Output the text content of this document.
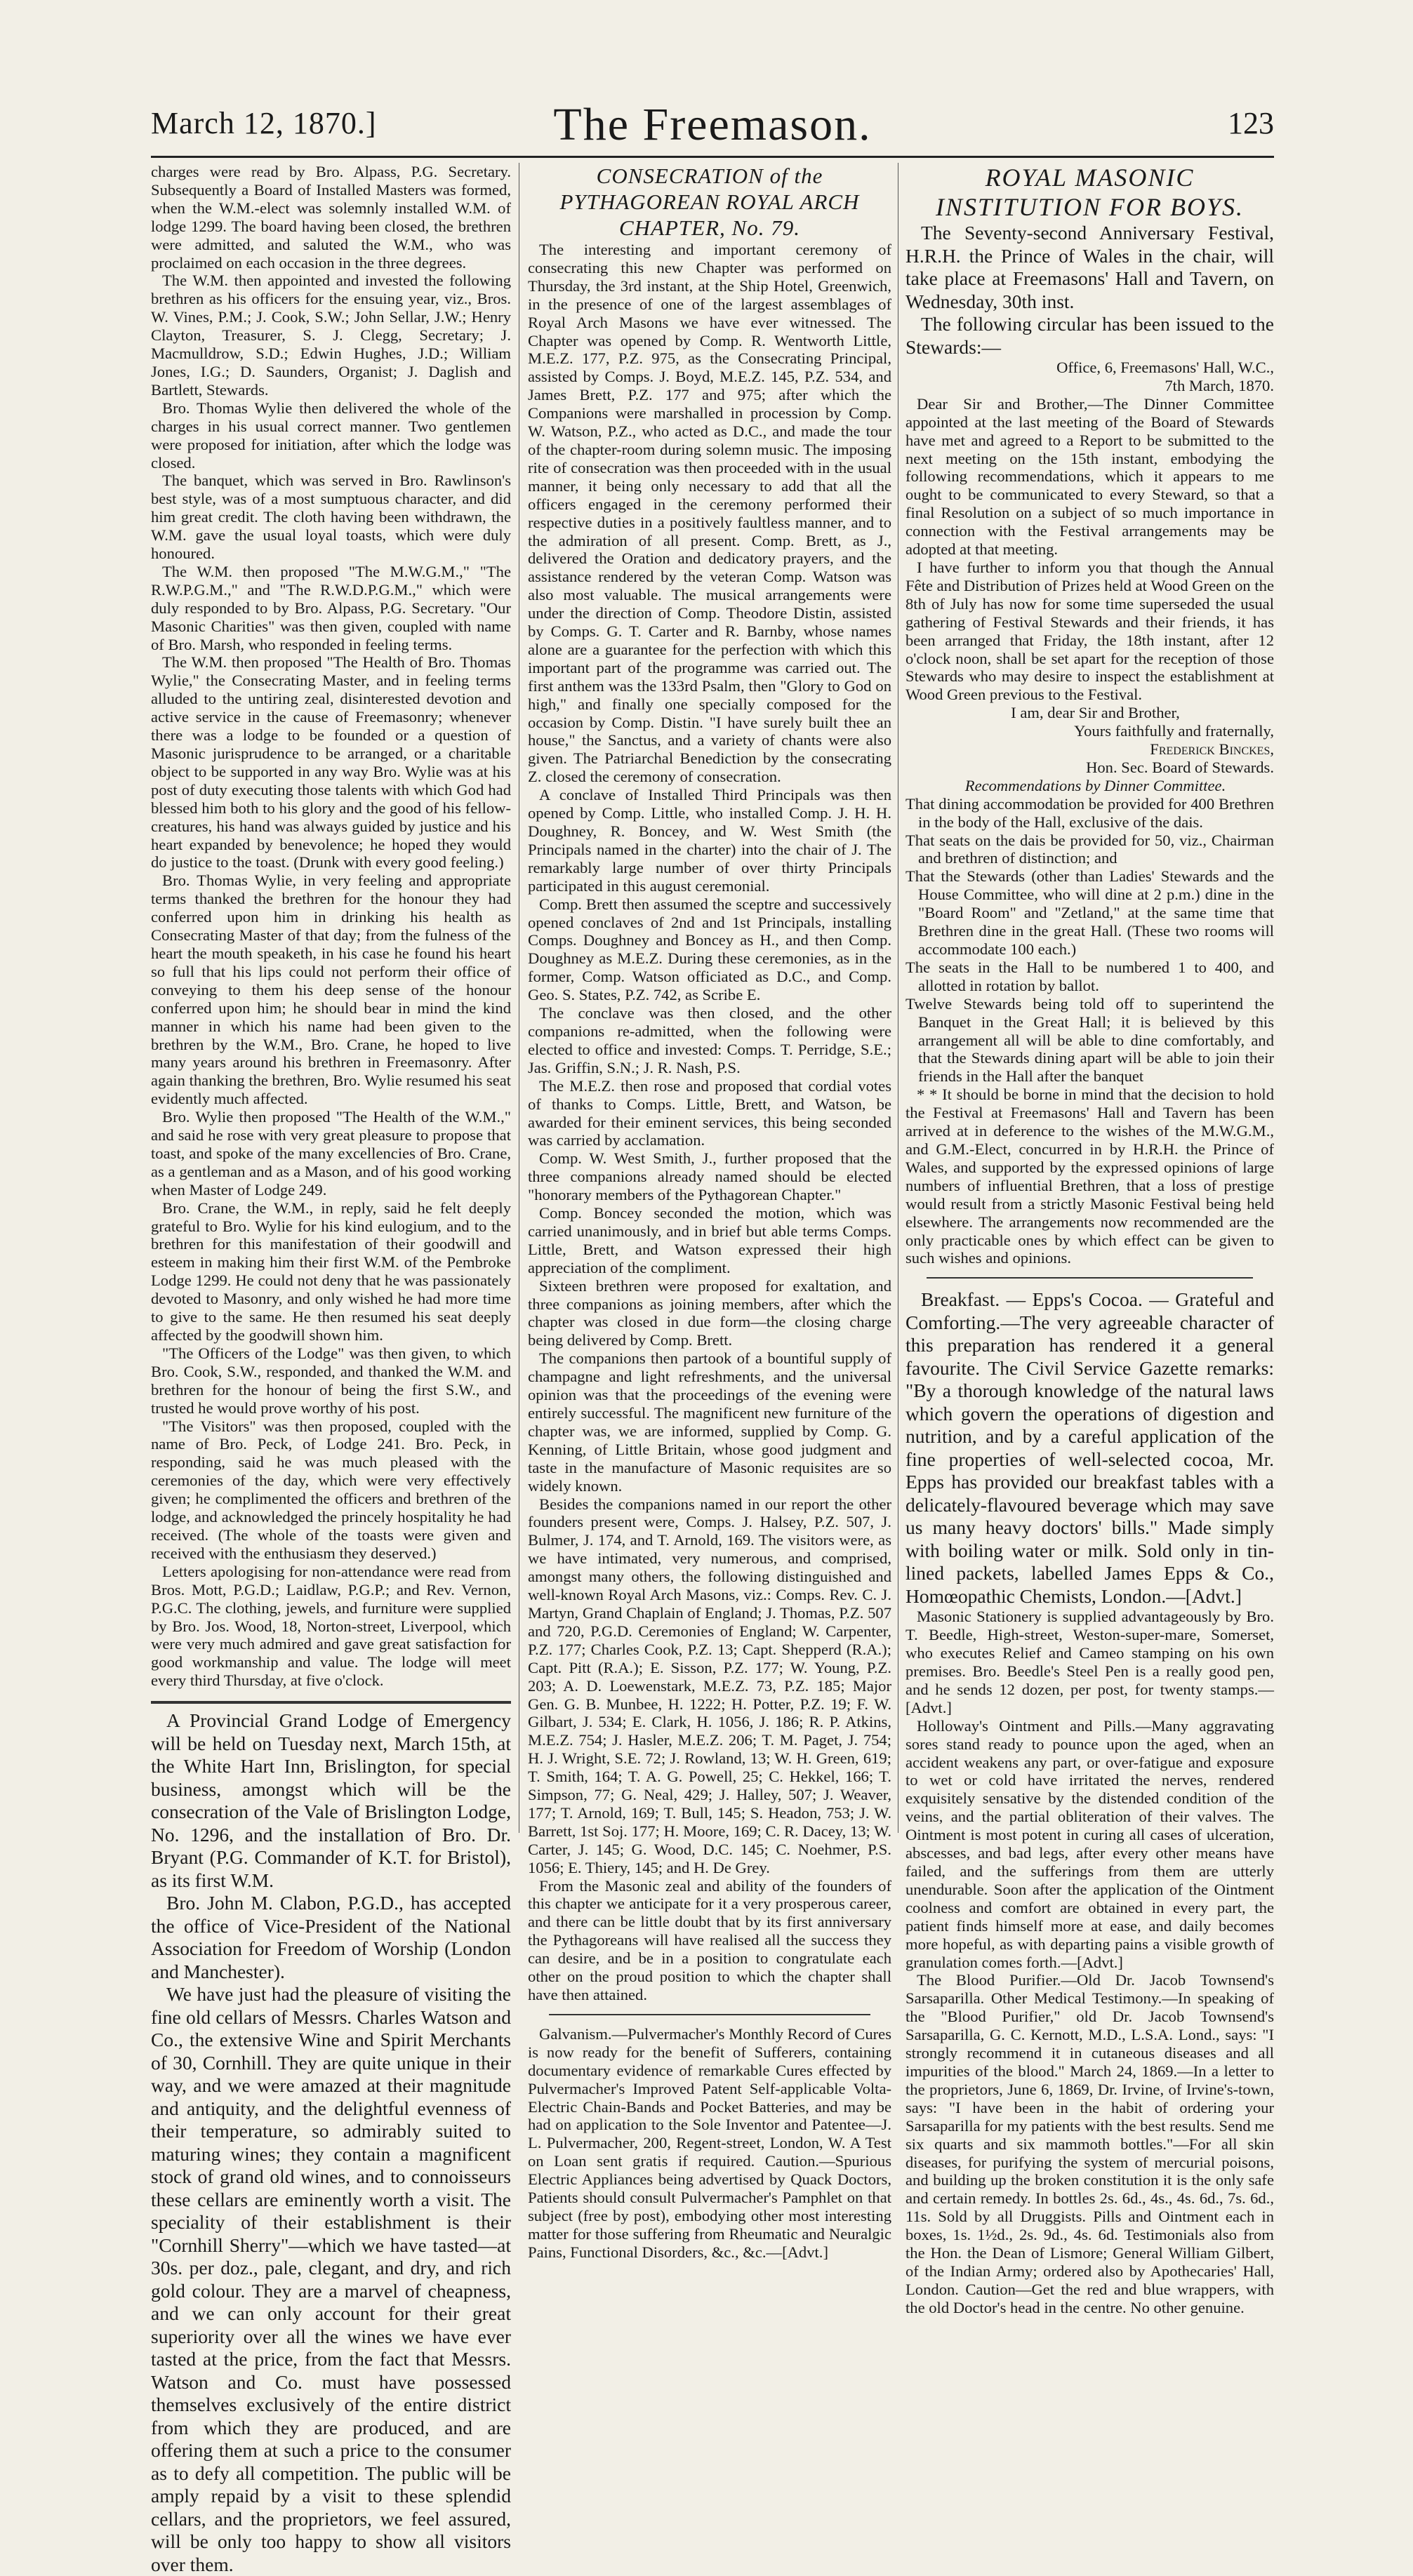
March 12, 1870.]	The Freemason.	123

charges were read by Bro. Alpass, P.G. Secretary. Subsequently a Board of Installed Masters was formed, when the W.M.-elect was solemnly installed W.M. of lodge 1299. The board having been closed, the brethren were admitted, and saluted the W.M., who was proclaimed on each occasion in the three degrees.

The W.M. then appointed and invested the following brethren as his officers for the ensuing year, viz., Bros. W. Vines, P.M.; J. Cook, S.W.; John Sellar, J.W.; Henry Clayton, Treasurer, S. J. Clegg, Secretary; J. Macmulldrow, S.D.; Edwin Hughes, J.D.; William Jones, I.G.; D. Saunders, Organist; J. Daglish and Bartlett, Stewards.

Bro. Thomas Wylie then delivered the whole of the charges in his usual correct manner. Two gentlemen were proposed for initiation, after which the lodge was closed.

The banquet, which was served in Bro. Rawlinson's best style, was of a most sumptuous character, and did him great credit. The cloth having been withdrawn, the W.M. gave the usual loyal toasts, which were duly honoured.

The W.M. then proposed "The M.W.G.M.," "The R.W.P.G.M.," and "The R.W.D.P.G.M.," which were duly responded to by Bro. Alpass, P.G. Secretary. "Our Masonic Charities" was then given, coupled with name of Bro. Marsh, who responded in feeling terms.

The W.M. then proposed "The Health of Bro. Thomas Wylie," the Consecrating Master, and in feeling terms alluded to the untiring zeal, disinterested devotion and active service in the cause of Freemasonry; whenever there was a lodge to be founded or a question of Masonic jurisprudence to be arranged, or a charitable object to be supported in any way Bro. Wylie was at his post of duty executing those talents with which God had blessed him both to his glory and the good of his fellow-creatures, his hand was always guided by justice and his heart expanded by benevolence; he hoped they would do justice to the toast. (Drunk with every good feeling.)

Bro. Thomas Wylie, in very feeling and appropriate terms thanked the brethren for the honour they had conferred upon him in drinking his health as Consecrating Master of that day; from the fulness of the heart the mouth speaketh, in his case he found his heart so full that his lips could not perform their office of conveying to them his deep sense of the honour conferred upon him; he should bear in mind the kind manner in which his name had been given to the brethren by the W.M., Bro. Crane, he hoped to live many years around his brethren in Freemasonry. After again thanking the brethren, Bro. Wylie resumed his seat evidently much affected.

Bro. Wylie then proposed "The Health of the W.M.," and said he rose with very great pleasure to propose that toast, and spoke of the many excellencies of Bro. Crane, as a gentleman and as a Mason, and of his good working when Master of Lodge 249.

Bro. Crane, the W.M., in reply, said he felt deeply grateful to Bro. Wylie for his kind eulogium, and to the brethren for this manifestation of their goodwill and esteem in making him their first W.M. of the Pembroke Lodge 1299. He could not deny that he was passionately devoted to Masonry, and only wished he had more time to give to the same. He then resumed his seat deeply affected by the goodwill shown him.

"The Officers of the Lodge" was then given, to which Bro. Cook, S.W., responded, and thanked the W.M. and brethren for the honour of being the first S.W., and trusted he would prove worthy of his post.

"The Visitors" was then proposed, coupled with the name of Bro. Peck, of Lodge 241. Bro. Peck, in responding, said he was much pleased with the ceremonies of the day, which were very effectively given; he complimented the officers and brethren of the lodge, and acknowledged the princely hospitality he had received. (The whole of the toasts were given and received with the enthusiasm they deserved.)

Letters apologising for non-attendance were read from Bros. Mott, P.G.D.; Laidlaw, P.G.P.; and Rev. Vernon, P.G.C. The clothing, jewels, and furniture were supplied by Bro. Jos. Wood, 18, Norton-street, Liverpool, which were very much admired and gave great satisfaction for good workmanship and value. The lodge will meet every third Thursday, at five o'clock.

A Provincial Grand Lodge of Emergency will be held on Tuesday next, March 15th, at the White Hart Inn, Brislington, for special business, amongst which will be the consecration of the Vale of Brislington Lodge, No. 1296, and the installation of Bro. Dr. Bryant (P.G. Commander of K.T. for Bristol), as its first W.M.

Bro. John M. Clabon, P.G.D., has accepted the office of Vice-President of the National Association for Freedom of Worship (London and Manchester).

We have just had the pleasure of visiting the fine old cellars of Messrs. Charles Watson and Co., the extensive Wine and Spirit Merchants of 30, Cornhill. They are quite unique in their way, and we were amazed at their magnitude and antiquity, and the delightful evenness of their temperature, so admirably suited to maturing wines; they contain a magnificent stock of grand old wines, and to connoisseurs these cellars are eminently worth a visit. The speciality of their establishment is their "Cornhill Sherry"—which we have tasted—at 30s. per doz., pale, clegant, and dry, and rich gold colour. They are a marvel of cheapness, and we can only account for their great superiority over all the wines we have ever tasted at the price, from the fact that Messrs. Watson and Co. must have possessed themselves exclusively of the entire district from which they are produced, and are offering them at such a price to the consumer as to defy all competition. The public will be amply repaid by a visit to these splendid cellars, and the proprietors, we feel assured, will be only too happy to show all visitors over them.

CONSECRATION of the PYTHAGOREAN ROYAL ARCH CHAPTER, No. 79.

The interesting and important ceremony of consecrating this new Chapter was performed on Thursday, the 3rd instant, at the Ship Hotel, Greenwich, in the presence of one of the largest assemblages of Royal Arch Masons we have ever witnessed. The Chapter was opened by Comp. R. Wentworth Little, M.E.Z. 177, P.Z. 975, as the Consecrating Principal, assisted by Comps. J. Boyd, M.E.Z. 145, P.Z. 534, and James Brett, P.Z. 177 and 975; after which the Companions were marshalled in procession by Comp. W. Watson, P.Z., who acted as D.C., and made the tour of the chapter-room during solemn music. The imposing rite of consecration was then proceeded with in the usual manner, it being only necessary to add that all the officers engaged in the ceremony performed their respective duties in a positively faultless manner, and to the admiration of all present. Comp. Brett, as J., delivered the Oration and dedicatory prayers, and the assistance rendered by the veteran Comp. Watson was also most valuable. The musical arrangements were under the direction of Comp. Theodore Distin, assisted by Comps. G. T. Carter and R. Barnby, whose names alone are a guarantee for the perfection with which this important part of the programme was carried out. The first anthem was the 133rd Psalm, then "Glory to God on high," and finally one specially composed for the occasion by Comp. Distin. "I have surely built thee an house," the Sanctus, and a variety of chants were also given. The Patriarchal Benediction by the consecrating Z. closed the ceremony of consecration.

A conclave of Installed Third Principals was then opened by Comp. Little, who installed Comp. J. H. H. Doughney, R. Boncey, and W. West Smith (the Principals named in the charter) into the chair of J. The remarkably large number of over thirty Principals participated in this august ceremonial.

Comp. Brett then assumed the sceptre and successively opened conclaves of 2nd and 1st Principals, installing Comps. Doughney and Boncey as H., and then Comp. Doughney as M.E.Z. During these ceremonies, as in the former, Comp. Watson officiated as D.C., and Comp. Geo. S. States, P.Z. 742, as Scribe E.

The conclave was then closed, and the other companions re-admitted, when the following were elected to office and invested: Comps. T. Perridge, S.E.; Jas. Griffin, S.N.; J. R. Nash, P.S.

The M.E.Z. then rose and proposed that cordial votes of thanks to Comps. Little, Brett, and Watson, be awarded for their eminent services, this being seconded was carried by acclamation.

Comp. W. West Smith, J., further proposed that the three companions already named should be elected "honorary members of the Pythagorean Chapter."

Comp. Boncey seconded the motion, which was carried unanimously, and in brief but able terms Comps. Little, Brett, and Watson expressed their high appreciation of the compliment.

Sixteen brethren were proposed for exaltation, and three companions as joining members, after which the chapter was closed in due form—the closing charge being delivered by Comp. Brett.

The companions then partook of a bountiful supply of champagne and light refreshments, and the universal opinion was that the proceedings of the evening were entirely successful. The magnificent new furniture of the chapter was, we are informed, supplied by Comp. G. Kenning, of Little Britain, whose good judgment and taste in the manufacture of Masonic requisites are so widely known.

Besides the companions named in our report the other founders present were, Comps. J. Halsey, P.Z. 507, J. Bulmer, J. 174, and T. Arnold, 169. The visitors were, as we have intimated, very numerous, and comprised, amongst many others, the following distinguished and well-known Royal Arch Masons, viz.: Comps. Rev. C. J. Martyn, Grand Chaplain of England; J. Thomas, P.Z. 507 and 720, P.G.D. Ceremonies of England; W. Carpenter, P.Z. 177; Charles Cook, P.Z. 13; Capt. Shepperd (R.A.); Capt. Pitt (R.A.); E. Sisson, P.Z. 177; W. Young, P.Z. 203; A. D. Loewenstark, M.E.Z. 73, P.Z. 185; Major Gen. G. B. Munbee, H. 1222; H. Potter, P.Z. 19; F. W. Gilbart, J. 534; E. Clark, H. 1056, J. 186; R. P. Atkins, M.E.Z. 754; J. Hasler, M.E.Z. 206; T. M. Paget, J. 754; H. J. Wright, S.E. 72; J. Rowland, 13; W. H. Green, 619; T. Smith, 164; T. A. G. Powell, 25; C. Hekkel, 166; T. Simpson, 77; G. Neal, 429; J. Halley, 507; J. Weaver, 177; T. Arnold, 169; T. Bull, 145; S. Headon, 753; J. W. Barrett, 1st Soj. 177; H. Moore, 169; C. R. Dacey, 13; W. Carter, J. 145; G. Wood, D.C. 145; C. Noehmer, P.S. 1056; E. Thiery, 145; and H. De Grey.

From the Masonic zeal and ability of the founders of this chapter we anticipate for it a very prosperous career, and there can be little doubt that by its first anniversary the Pythagoreans will have realised all the success they can desire, and be in a position to congratulate each other on the proud position to which the chapter shall have then attained.

Galvanism.—Pulvermacher's Monthly Record of Cures is now ready for the benefit of Sufferers, containing documentary evidence of remarkable Cures effected by Pulvermacher's Improved Patent Self-applicable Volta-Electric Chain-Bands and Pocket Batteries, and may be had on application to the Sole Inventor and Patentee—J. L. Pulvermacher, 200, Regent-street, London, W. A Test on Loan sent gratis if required. Caution.—Spurious Electric Appliances being advertised by Quack Doctors, Patients should consult Pulvermacher's Pamphlet on that subject (free by post), embodying other most interesting matter for those suffering from Rheumatic and Neuralgic Pains, Functional Disorders, &c., &c.—[Advt.]

ROYAL MASONIC INSTITUTION FOR BOYS.

The Seventy-second Anniversary Festival, H.R.H. the Prince of Wales in the chair, will take place at Freemasons' Hall and Tavern, on Wednesday, 30th inst.

The following circular has been issued to the Stewards:—

Office, 6, Freemasons' Hall, W.C.,

7th March, 1870.

Dear Sir and Brother,—The Dinner Committee appointed at the last meeting of the Board of Stewards have met and agreed to a Report to be submitted to the next meeting on the 15th instant, embodying the following recommendations, which it appears to me ought to be communicated to every Steward, so that a final Resolution on a subject of so much importance in connection with the Festival arrangements may be adopted at that meeting.

I have further to inform you that though the Annual Fête and Distribution of Prizes held at Wood Green on the 8th of July has now for some time superseded the usual gathering of Festival Stewards and their friends, it has been arranged that Friday, the 18th instant, after 12 o'clock noon, shall be set apart for the reception of those Stewards who may desire to inspect the establishment at Wood Green previous to the Festival.

I am, dear Sir and Brother,

Yours faithfully and fraternally,

Frederick Binckes,

Hon. Sec. Board of Stewards.

Recommendations by Dinner Committee.

That dining accommodation be provided for 400 Brethren in the body of the Hall, exclusive of the dais.

That seats on the dais be provided for 50, viz., Chairman and brethren of distinction; and

That the Stewards (other than Ladies' Stewards and the House Committee, who will dine at 2 p.m.) dine in the "Board Room" and "Zetland," at the same time that Brethren dine in the great Hall. (These two rooms will accommodate 100 each.)

The seats in the Hall to be numbered 1 to 400, and allotted in rotation by ballot.

Twelve Stewards being told off to superintend the Banquet in the Great Hall; it is believed by this arrangement all will be able to dine comfortably, and that the Stewards dining apart will be able to join their friends in the Hall after the banquet

* * It should be borne in mind that the decision to hold the Festival at Freemasons' Hall and Tavern has been arrived at in deference to the wishes of the M.W.G.M., and G.M.-Elect, concurred in by H.R.H. the Prince of Wales, and supported by the expressed opinions of large numbers of influential Brethren, that a loss of prestige would result from a strictly Masonic Festival being held elsewhere. The arrangements now recommended are the only practicable ones by which effect can be given to such wishes and opinions.

Breakfast. — Epps's Cocoa. — Grateful and Comforting.—The very agreeable character of this preparation has rendered it a general favourite. The Civil Service Gazette remarks: "By a thorough knowledge of the natural laws which govern the operations of digestion and nutrition, and by a careful application of the fine properties of well-selected cocoa, Mr. Epps has provided our breakfast tables with a delicately-flavoured beverage which may save us many heavy doctors' bills." Made simply with boiling water or milk. Sold only in tin-lined packets, labelled James Epps & Co., Homœopathic Chemists, London.—[Advt.]

Masonic Stationery is supplied advantageously by Bro. T. Beedle, High-street, Weston-super-mare, Somerset, who executes Relief and Cameo stamping on his own premises. Bro. Beedle's Steel Pen is a really good pen, and he sends 12 dozen, per post, for twenty stamps.—[Advt.]

Holloway's Ointment and Pills.—Many aggravating sores stand ready to pounce upon the aged, when an accident weakens any part, or over-fatigue and exposure to wet or cold have irritated the nerves, rendered exquisitely sensative by the distended condition of the veins, and the partial obliteration of their valves. The Ointment is most potent in curing all cases of ulceration, abscesses, and bad legs, after every other means have failed, and the sufferings from them are utterly unendurable. Soon after the application of the Ointment coolness and comfort are obtained in every part, the patient finds himself more at ease, and daily becomes more hopeful, as with departing pains a visible growth of granulation comes forth.—[Advt.]

The Blood Purifier.—Old Dr. Jacob Townsend's Sarsaparilla. Other Medical Testimony.—In speaking of the "Blood Purifier," old Dr. Jacob Townsend's Sarsaparilla, G. C. Kernott, M.D., L.S.A. Lond., says: "I strongly recommend it in cutaneous diseases and all impurities of the blood." March 24, 1869.—In a letter to the proprietors, June 6, 1869, Dr. Irvine, of Irvine's-town, says: "I have been in the habit of ordering your Sarsaparilla for my patients with the best results. Send me six quarts and six mammoth bottles."—For all skin diseases, for purifying the system of mercurial poisons, and building up the broken constitution it is the only safe and certain remedy. In bottles 2s. 6d., 4s., 4s. 6d., 7s. 6d., 11s. Sold by all Druggists. Pills and Ointment each in boxes, 1s. 1½d., 2s. 9d., 4s. 6d. Testimonials also from the Hon. the Dean of Lismore; General William Gilbert, of the Indian Army; ordered also by Apothecaries' Hall, London. Caution—Get the red and blue wrappers, with the old Doctor's head in the centre. No other genuine.
